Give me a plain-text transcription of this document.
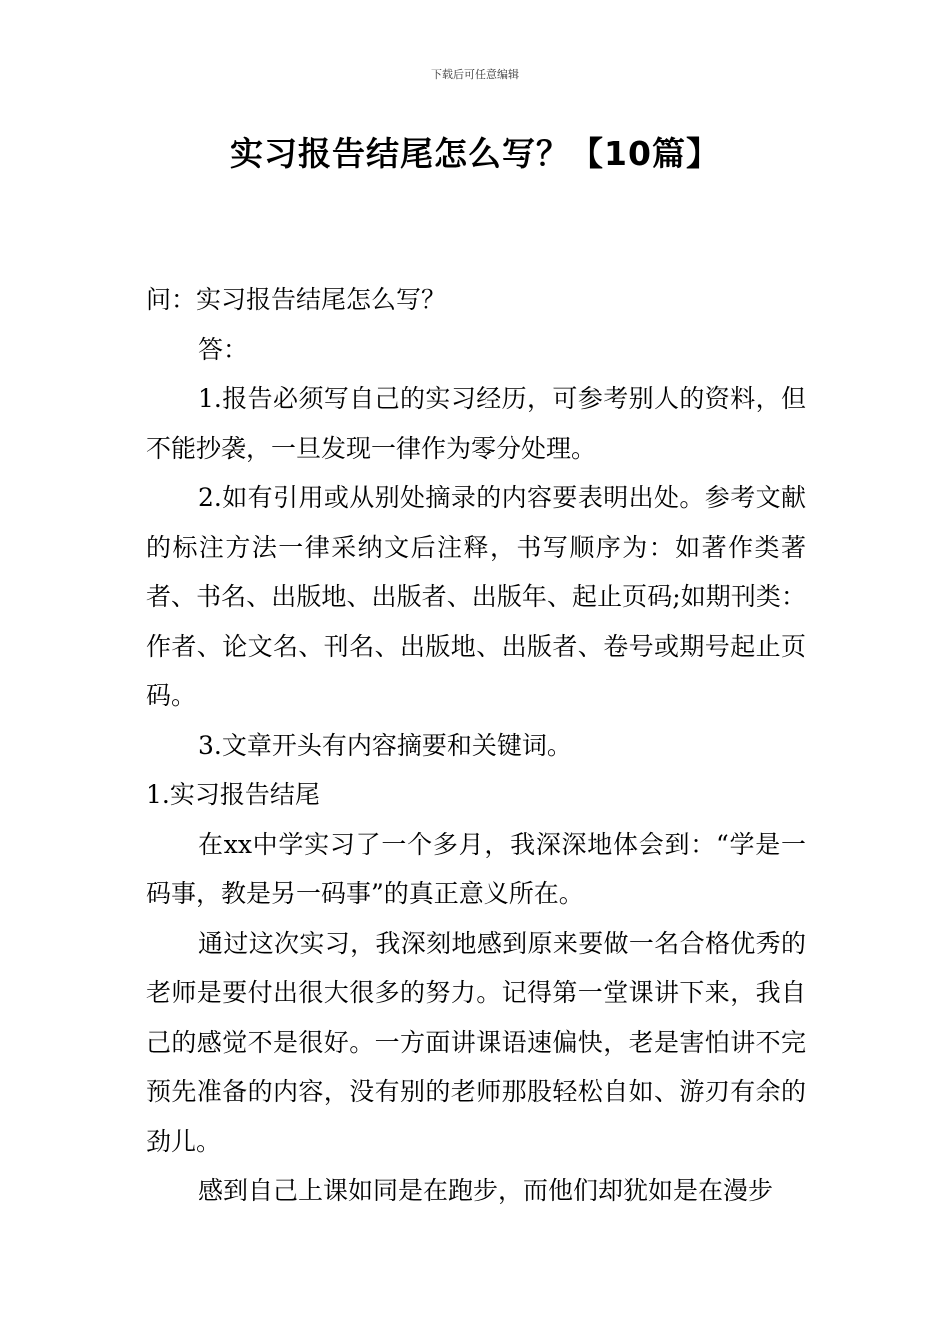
下载后可任意编辑
实习报告结尾怎么写？【10篇】

问：实习报告结尾怎么写？

答：

1.报告必须写自己的实习经历，可参考别人的资料，但不能抄袭，一旦发现一律作为零分处理。

2.如有引用或从别处摘录的内容要表明出处。参考文献的标注方法一律采纳文后注释，书写顺序为：如著作类著者、书名、出版地、出版者、出版年、起止页码;如期刊类：作者、论文名、刊名、出版地、出版者、卷号或期号起止页码。

3.文章开头有内容摘要和关键词。

1.实习报告结尾

在xx中学实习了一个多月，我深深地体会到：“学是一码事，教是另一码事”的真正意义所在。

通过这次实习，我深刻地感到原来要做一名合格优秀的老师是要付出很大很多的努力。记得第一堂课讲下来，我自己的感觉不是很好。一方面讲课语速偏快，老是害怕讲不完预先准备的内容，没有别的老师那股轻松自如、游刃有余的劲儿。

感到自己上课如同是在跑步，而他们却犹如是在漫步
